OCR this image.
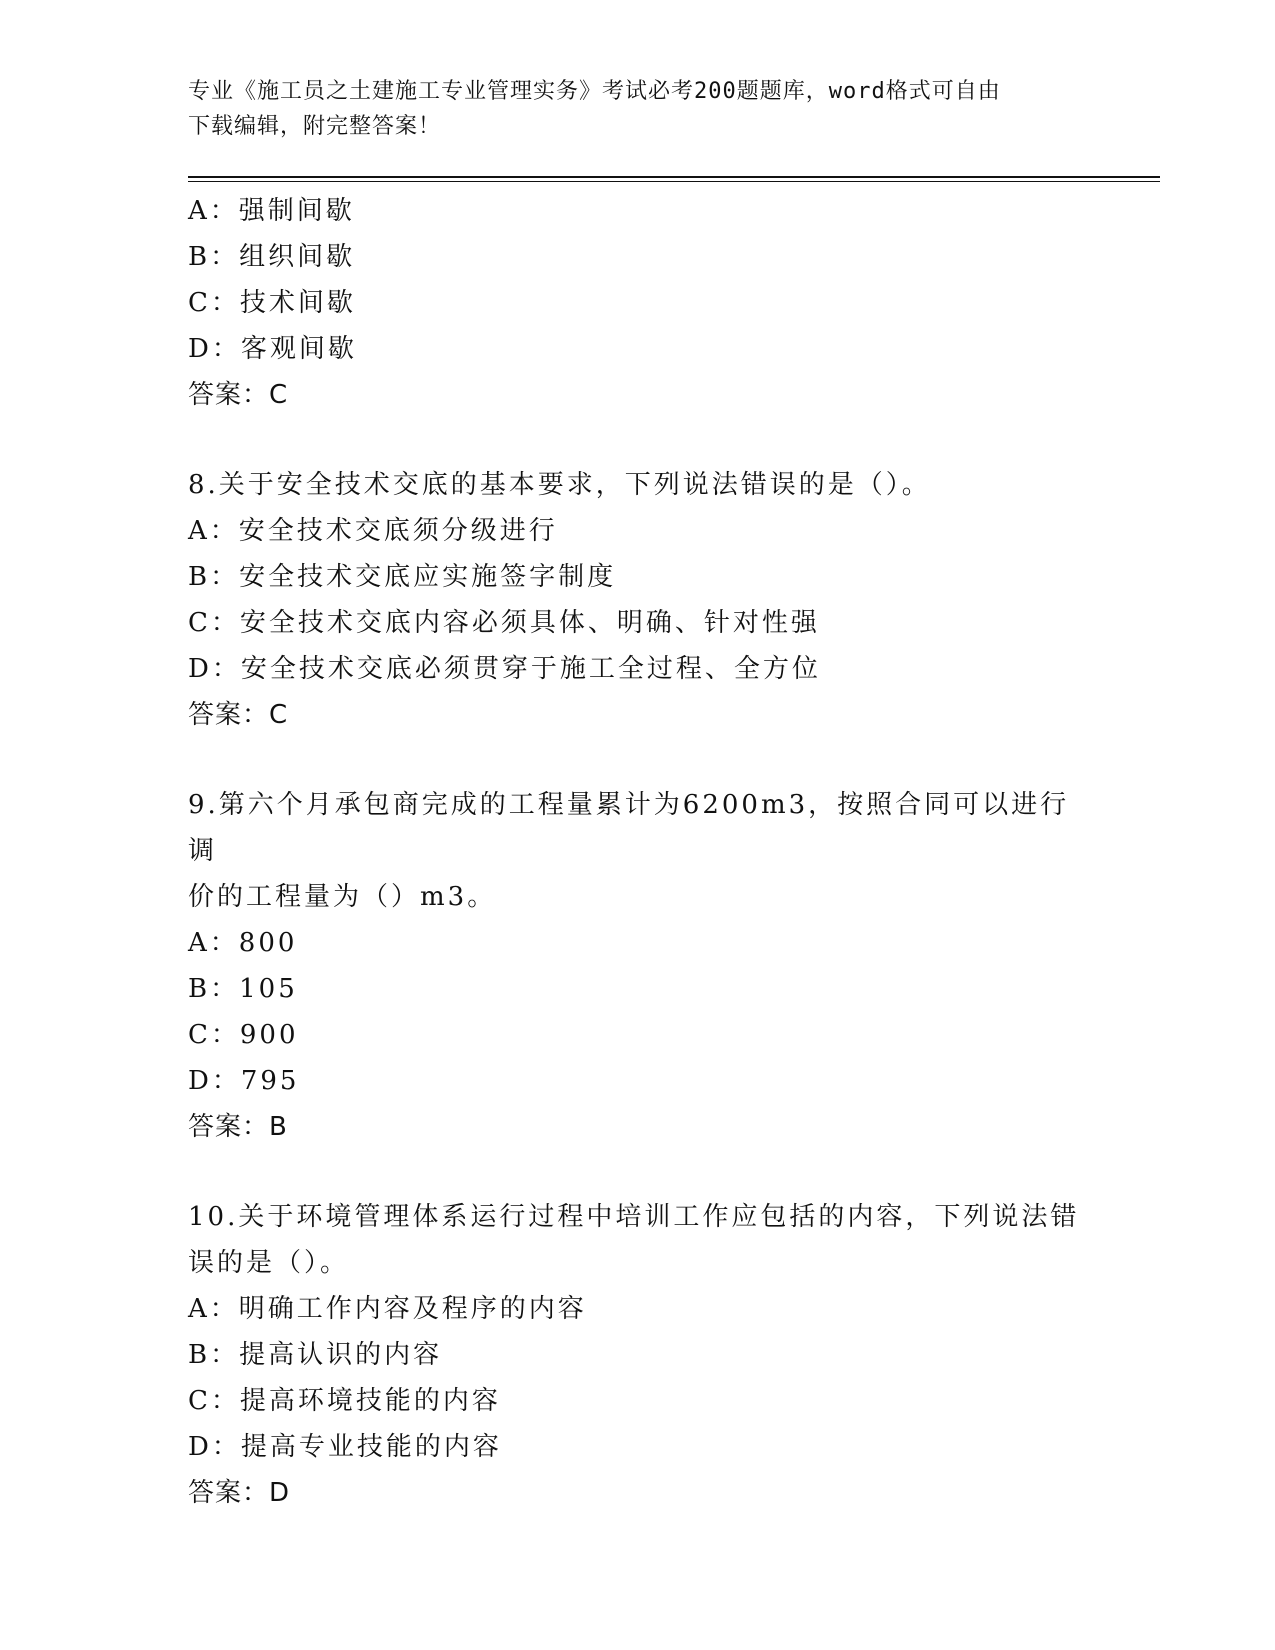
专业《施工员之土建施工专业管理实务》考试必考200题题库，word格式可自由
下载编辑，附完整答案！
A：强制间歇
B：组织间歇
C：技术间歇
D：客观间歇
答案：C
8.关于安全技术交底的基本要求，下列说法错误的是（）。
A：安全技术交底须分级进行
B：安全技术交底应实施签字制度
C：安全技术交底内容必须具体、明确、针对性强
D：安全技术交底必须贯穿于施工全过程、全方位
答案：C
9.第六个月承包商完成的工程量累计为6200m3，按照合同可以进行调
价的工程量为（）m3。
A：800
B：105
C：900
D：795
答案：B
10.关于环境管理体系运行过程中培训工作应包括的内容，下列说法错
误的是（）。
A：明确工作内容及程序的内容
B：提高认识的内容
C：提高环境技能的内容
D：提高专业技能的内容
答案：D
